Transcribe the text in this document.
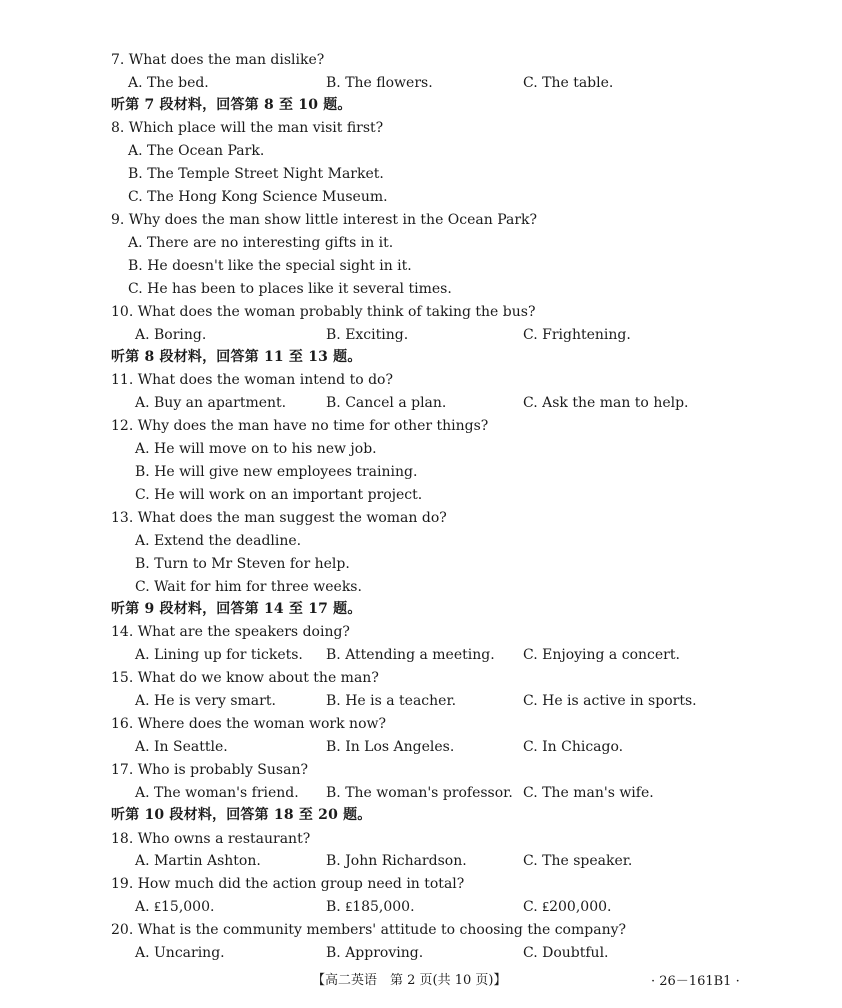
7. What does the man dislike?
A. The bed.	B. The flowers.	C. The table.
听第 7 段材料，回答第 8 至 10 题。
8. Which place will the man visit first?
A. The Ocean Park.
B. The Temple Street Night Market.
C. The Hong Kong Science Museum.
9. Why does the man show little interest in the Ocean Park?
A. There are no interesting gifts in it.
B. He doesn't like the special sight in it.
C. He has been to places like it several times.
10. What does the woman probably think of taking the bus?
A. Boring.	B. Exciting.	C. Frightening.
听第 8 段材料，回答第 11 至 13 题。
11. What does the woman intend to do?
A. Buy an apartment.	B. Cancel a plan.	C. Ask the man to help.
12. Why does the man have no time for other things?
A. He will move on to his new job.
B. He will give new employees training.
C. He will work on an important project.
13. What does the man suggest the woman do?
A. Extend the deadline.
B. Turn to Mr Steven for help.
C. Wait for him for three weeks.
听第 9 段材料，回答第 14 至 17 题。
14. What are the speakers doing?
A. Lining up for tickets. B. Attending a meeting. C. Enjoying a concert.
15. What do we know about the man?
A. He is very smart.	B. He is a teacher.	C. He is active in sports.
16. Where does the woman work now?
A. In Seattle.	B. In Los Angeles.	C. In Chicago.
17. Who is probably Susan?
A. The woman's friend. B. The woman's professor. C. The man's wife.
听第 10 段材料，回答第 18 至 20 题。
18. Who owns a restaurant?
A. Martin Ashton.	B. John Richardson.	C. The speaker.
19. How much did the action group need in total?
A. ₤15,000.	B. ₤185,000.	C. ₤200,000.
20. What is the community members' attitude to choosing the company?
A. Uncaring.	B. Approving.	C. Doubtful.
【高二英语　第 2 页(共 10 页)】	· 26－161B1 ·
